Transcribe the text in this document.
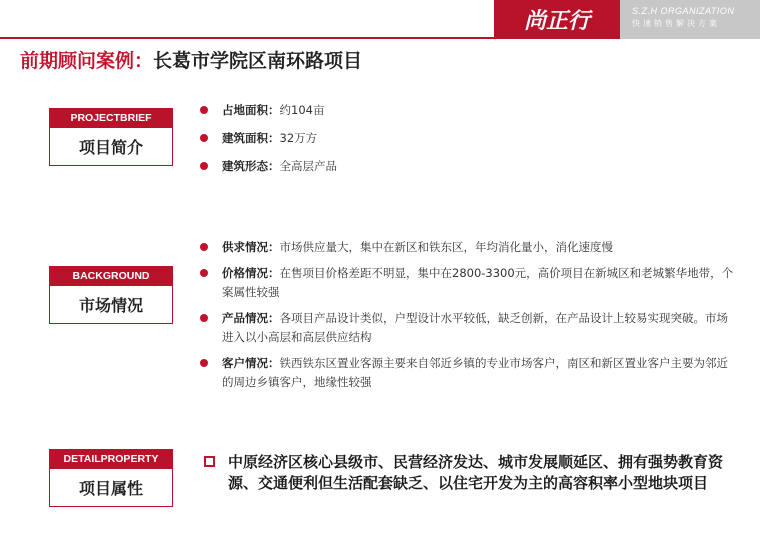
尚正行	S.Z.H ORGANIZATION
快速销售解决方案
前期顾问案例：长葛市学院区南环路项目
PROJECTBRIEF
项目简介
占地面积：约104亩
建筑面积：32万方
建筑形态：全高层产品
BACKGROUND
市场情况
供求情况：市场供应量大，集中在新区和铁东区，年均消化量小，消化速度慢
价格情况：在售项目价格差距不明显，集中在2800-3300元，高价项目在新城区和老城繁华地带，个案属性较强
产品情况：各项目产品设计类似，户型设计水平较低，缺乏创新，在产品设计上较易实现突破。市场进入以小高层和高层供应结构
客户情况：铁西铁东区置业客源主要来自邻近乡镇的专业市场客户，南区和新区置业客户主要为邻近的周边乡镇客户，地缘性较强
DETAILPROPERTY
项目属性

中原经济区核心县级市、民营经济发达、城市发展顺延区、拥有强势教育资源、交通便利但生活配套缺乏、以住宅开发为主的高容积率小型地块项目
